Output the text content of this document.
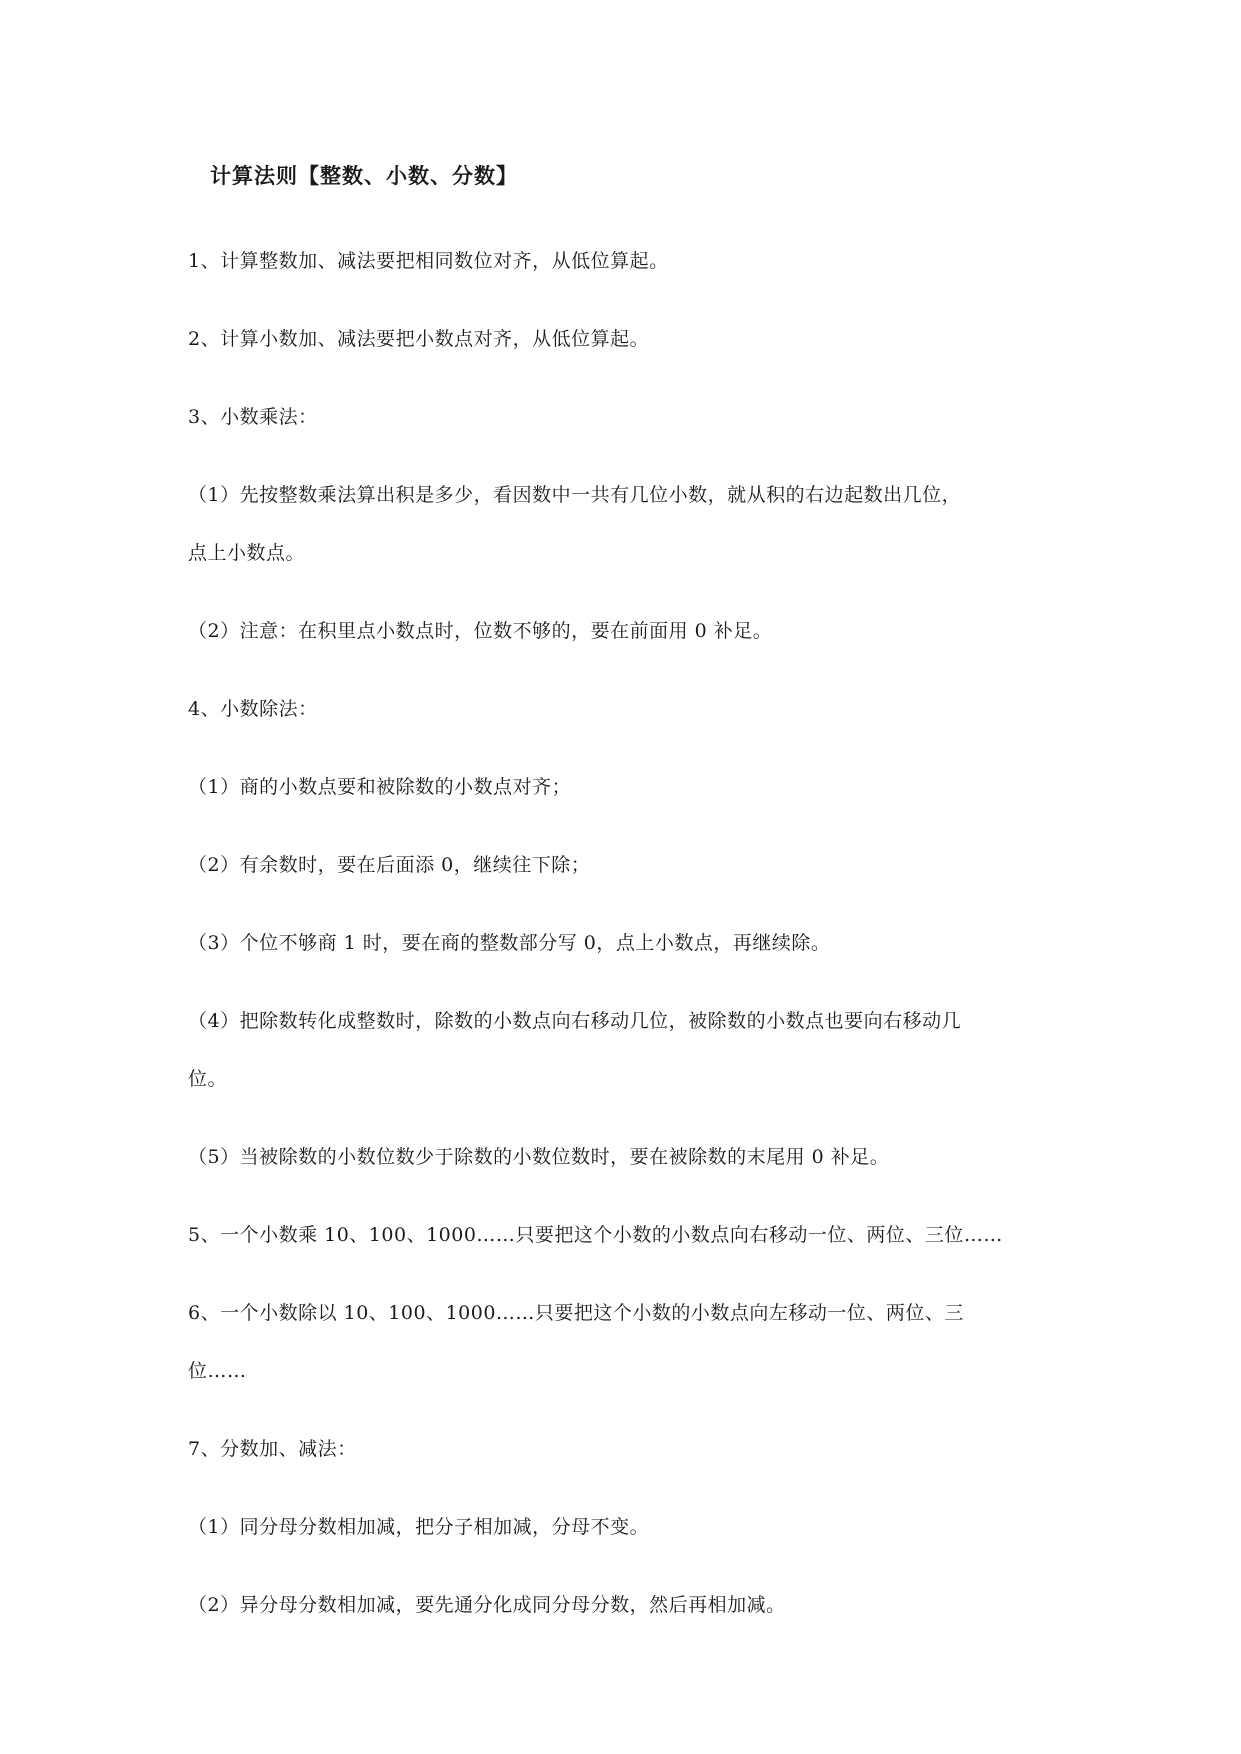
计算法则【整数、小数、分数】
1、计算整数加、减法要把相同数位对齐，从低位算起。
2、计算小数加、减法要把小数点对齐，从低位算起。
3、小数乘法：
（1）先按整数乘法算出积是多少，看因数中一共有几位小数，就从积的右边起数出几位，
点上小数点。
（2）注意：在积里点小数点时，位数不够的，要在前面用 0 补足。
4、小数除法：
（1）商的小数点要和被除数的小数点对齐；
（2）有余数时，要在后面添 0，继续往下除；
（3）个位不够商 1 时，要在商的整数部分写 0，点上小数点，再继续除。
（4）把除数转化成整数时，除数的小数点向右移动几位，被除数的小数点也要向右移动几
位。
（5）当被除数的小数位数少于除数的小数位数时，要在被除数的末尾用 0 补足。
5、一个小数乘 10、100、1000……只要把这个小数的小数点向右移动一位、两位、三位……
6、一个小数除以 10、100、1000……只要把这个小数的小数点向左移动一位、两位、三
位……
7、分数加、减法：
（1）同分母分数相加减，把分子相加减，分母不变。
（2）异分母分数相加减，要先通分化成同分母分数，然后再相加减。
